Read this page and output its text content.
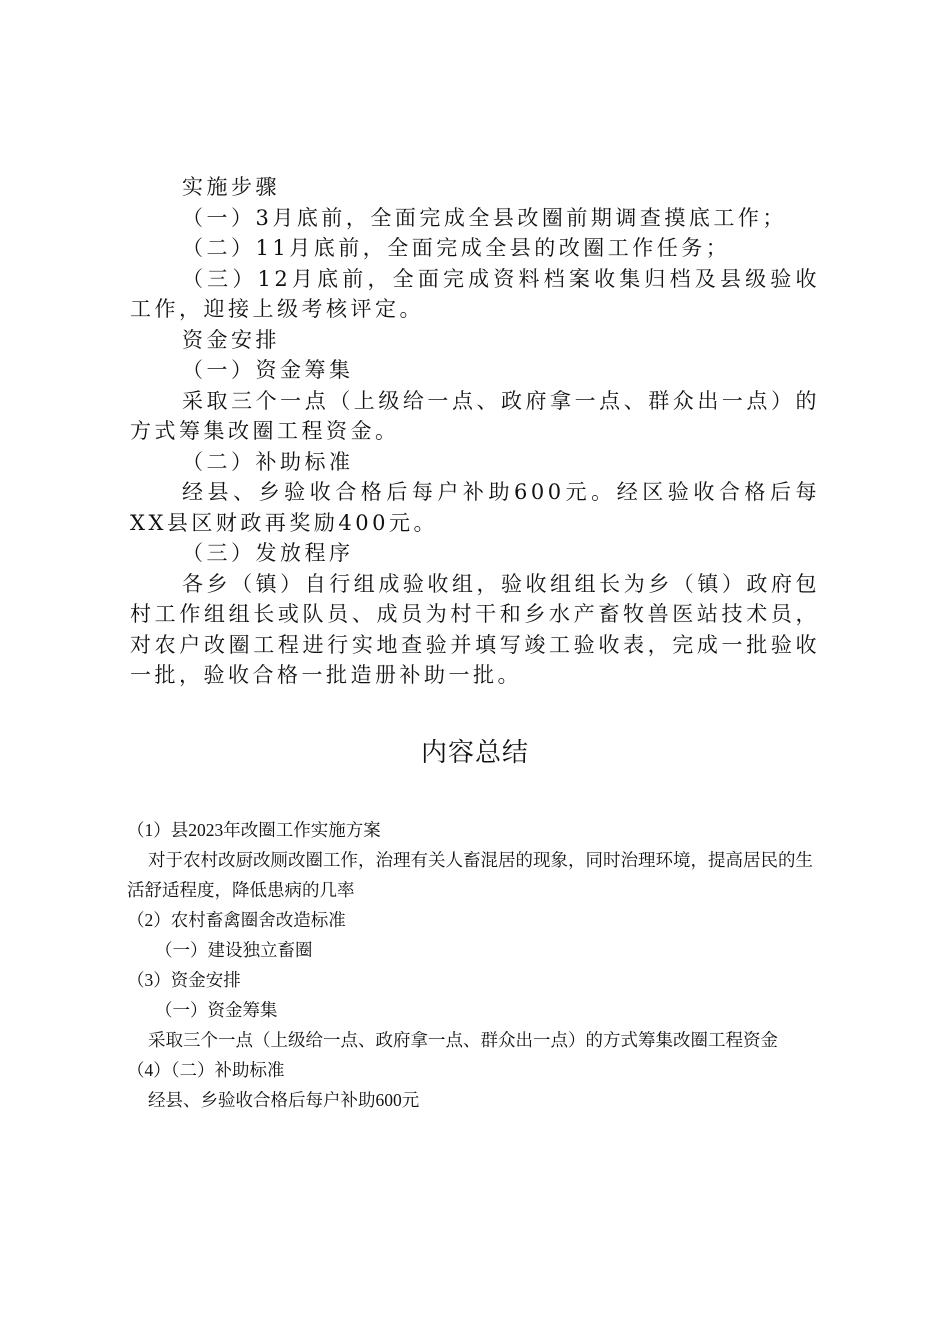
实施步骤

（一）3月底前，全面完成全县改圈前期调查摸底工作；

（二）11月底前，全面完成全县的改圈工作任务；

（三）12月底前，全面完成资料档案收集归档及县级验收工作，迎接上级考核评定。

资金安排

（一）资金筹集

采取三个一点（上级给一点、政府拿一点、群众出一点）的方式筹集改圈工程资金。

（二）补助标准

经县、乡验收合格后每户补助600元。经区验收合格后每XX县区财政再奖励400元。

（三）发放程序

各乡（镇）自行组成验收组，验收组组长为乡（镇）政府包村工作组组长或队员、成员为村干和乡水产畜牧兽医站技术员，对农户改圈工程进行实地查验并填写竣工验收表，完成一批验收一批，验收合格一批造册补助一批。

内容总结

（1）县2023年改圈工作实施方案

对于农村改厨改厕改圈工作，治理有关人畜混居的现象，同时治理环境，提高居民的生活舒适程度，降低患病的几率

（2）农村畜禽圈舍改造标准

（一）建设独立畜圈

（3）资金安排

（一）资金筹集

采取三个一点（上级给一点、政府拿一点、群众出一点）的方式筹集改圈工程资金

（4）（二）补助标准

经县、乡验收合格后每户补助600元
